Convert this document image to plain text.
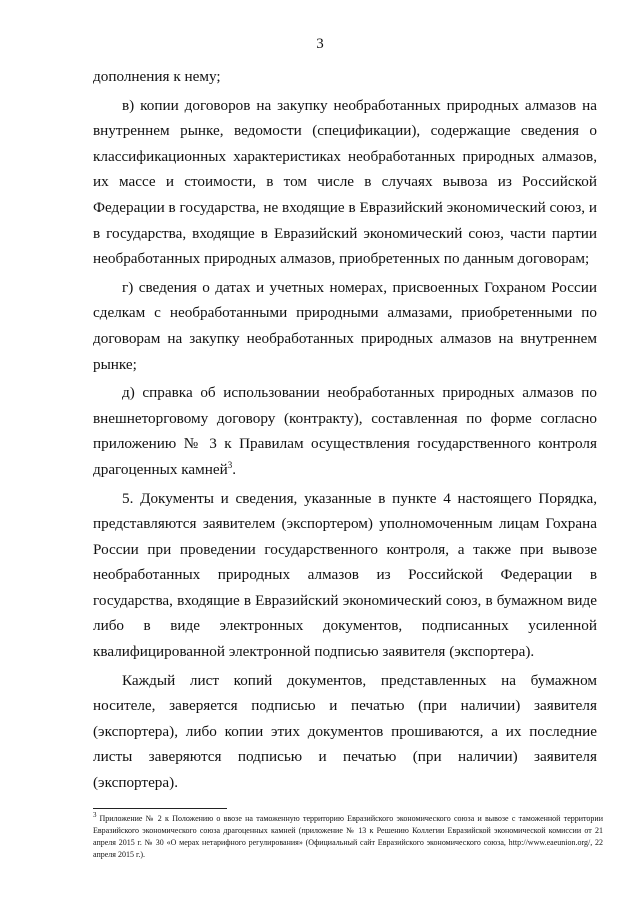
3

дополнения к нему;

в) копии договоров на закупку необработанных природных алмазов на внутреннем рынке, ведомости (спецификации), содержащие сведения о классификационных характеристиках необработанных природных алмазов, их массе и стоимости, в том числе в случаях вывоза из Российской Федерации в государства, не входящие в Евразийский экономический союз, и в государства, входящие в Евразийский экономический союз, части партии необработанных природных алмазов, приобретенных по данным договорам;

г) сведения о датах и учетных номерах, присвоенных Гохраном России сделкам с необработанными природными алмазами, приобретенными по договорам на закупку необработанных природных алмазов на внутреннем рынке;

д) справка об использовании необработанных природных алмазов по внешнеторговому договору (контракту), составленная по форме согласно приложению № 3 к Правилам осуществления государственного контроля драгоценных камней$^3$.

5. Документы и сведения, указанные в пункте 4 настоящего Порядка, представляются заявителем (экспортером) уполномоченным лицам Гохрана России при проведении государственного контроля, а также при вывозе необработанных природных алмазов из Российской Федерации в государства, входящие в Евразийский экономический союз, в бумажном виде либо в виде электронных документов, подписанных усиленной квалифицированной электронной подписью заявителя (экспортера).

Каждый лист копий документов, представленных на бумажном носителе, заверяется подписью и печатью (при наличии) заявителя (экспортера), либо копии этих документов прошиваются, а их последние листы заверяются подписью и печатью (при наличии) заявителя (экспортера).

3 Приложение № 2 к Положению о ввозе на таможенную территорию Евразийского экономического союза и вывозе с таможенной территории Евразийского экономического союза драгоценных камней (приложение № 13 к Решению Коллегии Евразийской экономической комиссии от 21 апреля 2015 г. № 30 «О мерах нетарифного регулирования» (Официальный сайт Евразийского экономического союза, http://www.eaeunion.org/, 22 апреля 2015 г.).
